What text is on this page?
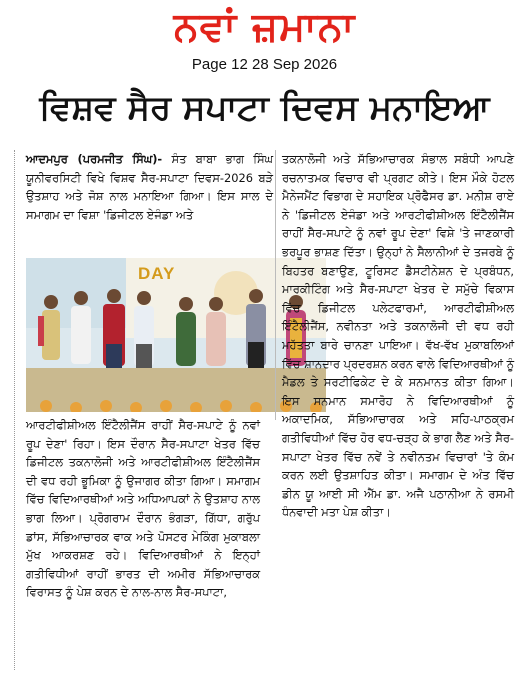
ਨਵਾਂ ਜ਼ਮਾਨਾ
Page 12 28 Sep 2026
ਵਿਸ਼ਵ ਸੈਰ ਸਪਾਟਾ ਦਿਵਸ ਮਨਾਇਆ

ਆਦਮਪੁਰ (ਪਰਮਜੀਤ ਸਿੰਘ)- ਸੰਤ ਬਾਬਾ ਭਾਗ ਸਿੰਘ ਯੂਨੀਵਰਸਿਟੀ ਵਿਖੇ ਵਿਸ਼ਵ ਸੈਰ-ਸਪਾਟਾ ਦਿਵਸ-2026 ਬੜੇ ਉਤਸ਼ਾਹ ਅਤੇ ਜੋਸ਼ ਨਾਲ ਮਨਾਇਆ ਗਿਆ। ਇਸ ਸਾਲ ਦੇ ਸਮਾਗਮ ਦਾ ਵਿਸ਼ਾ 'ਡਿਜੀਟਲ ਏਜੰਡਾ ਅਤੇ

DAY

ਆਰਟੀਫੀਸ਼ੀਅਲ ਇੰਟੈਲੀਜੈਂਸ ਰਾਹੀਂ ਸੈਰ-ਸਪਾਟੇ ਨੂੰ ਨਵਾਂ ਰੂਪ ਦੇਣਾ' ਰਿਹਾ। ਇਸ ਦੌਰਾਨ ਸੈਰ-ਸਪਾਟਾ ਖੇਤਰ ਵਿੱਚ ਡਿਜੀਟਲ ਤਕਨਾਲੋਜੀ ਅਤੇ ਆਰਟੀਫੀਸ਼ੀਅਲ ਇੰਟੈਲੀਜੈਂਸ ਦੀ ਵਧ ਰਹੀ ਭੂਮਿਕਾ ਨੂੰ ਉਜਾਗਰ ਕੀਤਾ ਗਿਆ। ਸਮਾਗਮ ਵਿੱਚ ਵਿਦਿਆਰਥੀਆਂ ਅਤੇ ਅਧਿਆਪਕਾਂ ਨੇ ਉਤਸ਼ਾਹ ਨਾਲ ਭਾਗ ਲਿਆ। ਪ੍ਰੋਗਰਾਮ ਦੌਰਾਨ ਭੰਗੜਾ, ਗਿੱਧਾ, ਗਰੁੱਪ ਡਾਂਸ, ਸੱਭਿਆਚਾਰਕ ਵਾਕ ਅਤੇ ਪੋਸਟਰ ਮੇਕਿੰਗ ਮੁਕਾਬਲਾ ਮੁੱਖ ਆਕਰਸ਼ਣ ਰਹੇ। ਵਿਦਿਆਰਥੀਆਂ ਨੇ ਇਨ੍ਹਾਂ ਗਤੀਵਿਧੀਆਂ ਰਾਹੀਂ ਭਾਰਤ ਦੀ ਅਮੀਰ ਸੱਭਿਆਚਾਰਕ ਵਿਰਾਸਤ ਨੂੰ ਪੇਸ਼ ਕਰਨ ਦੇ ਨਾਲ-ਨਾਲ ਸੈਰ-ਸਪਾਟਾ,

ਤਕਨਾਲੋਜੀ ਅਤੇ ਸੱਭਿਆਚਾਰਕ ਸੰਭਾਲ ਸਬੰਧੀ ਆਪਣੇ ਰਚਨਾਤਮਕ ਵਿਚਾਰ ਵੀ ਪ੍ਰਗਟ ਕੀਤੇ। ਇਸ ਮੌਕੇ ਹੋਟਲ ਮੈਨੇਜਮੈਂਟ ਵਿਭਾਗ ਦੇ ਸਹਾਇਕ ਪ੍ਰੋਫੈਸਰ ਡਾ. ਮਨੀਸ਼ ਰਾਏ ਨੇ 'ਡਿਜੀਟਲ ਏਜੰਡਾ ਅਤੇ ਆਰਟੀਫੀਸ਼ੀਅਲ ਇੰਟੈਲੀਜੈਂਸ ਰਾਹੀਂ ਸੈਰ-ਸਪਾਟੇ ਨੂੰ ਨਵਾਂ ਰੂਪ ਦੇਣਾ' ਵਿਸ਼ੇ 'ਤੇ ਜਾਣਕਾਰੀ ਭਰਪੂਰ ਭਾਸ਼ਣ ਦਿੱਤਾ। ਉਨ੍ਹਾਂ ਨੇ ਸੈਲਾਨੀਆਂ ਦੇ ਤਜਰਬੇ ਨੂੰ ਬਿਹਤਰ ਬਣਾਉਣ, ਟੂਰਿਸਟ ਡੈਸਟੀਨੇਸ਼ਨ ਦੇ ਪ੍ਰਬੰਧਨ, ਮਾਰਕੀਟਿੰਗ ਅਤੇ ਸੈਰ-ਸਪਾਟਾ ਖੇਤਰ ਦੇ ਸਮੁੱਚੇ ਵਿਕਾਸ ਵਿੱਚ ਡਿਜੀਟਲ ਪਲੇਟਫਾਰਮਾਂ, ਆਰਟੀਫੀਸ਼ੀਅਲ ਇੰਟੈਲੀਜੈਂਸ, ਨਵੀਨਤਾ ਅਤੇ ਤਕਨਾਲੋਜੀ ਦੀ ਵਧ ਰਹੀ ਮਹੱਤਤਾ ਬਾਰੇ ਚਾਨਣਾ ਪਾਇਆ। ਵੱਖ-ਵੱਖ ਮੁਕਾਬਲਿਆਂ ਵਿੱਚ ਸ਼ਾਨਦਾਰ ਪ੍ਰਦਰਸ਼ਨ ਕਰਨ ਵਾਲੇ ਵਿਦਿਆਰਥੀਆਂ ਨੂੰ ਮੈਡਲ ਤੇ ਸਰਟੀਫਿਕੇਟ ਦੇ ਕੇ ਸਨਮਾਨਤ ਕੀਤਾ ਗਿਆ। ਇਸ ਸਨਮਾਨ ਸਮਾਰੋਹ ਨੇ ਵਿਦਿਆਰਥੀਆਂ ਨੂੰ ਅਕਾਦਮਿਕ, ਸੱਭਿਆਚਾਰਕ ਅਤੇ ਸਹਿ-ਪਾਠਕ੍ਰਮ ਗਤੀਵਿਧੀਆਂ ਵਿੱਚ ਹੋਰ ਵਧ-ਚੜ੍ਹ ਕੇ ਭਾਗ ਲੈਣ ਅਤੇ ਸੈਰ-ਸਪਾਟਾ ਖੇਤਰ ਵਿੱਚ ਨਵੇਂ ਤੇ ਨਵੀਨਤਮ ਵਿਚਾਰਾਂ 'ਤੇ ਕੰਮ ਕਰਨ ਲਈ ਉਤਸ਼ਾਹਿਤ ਕੀਤਾ। ਸਮਾਗਮ ਦੇ ਅੰਤ ਵਿੱਚ ਡੀਨ ਯੂ ਆਈ ਸੀ ਐੱਮ ਡਾ. ਅਜੈ ਪਠਾਨੀਆ ਨੇ ਰਸਮੀ ਧੰਨਵਾਦੀ ਮਤਾ ਪੇਸ਼ ਕੀਤਾ।
